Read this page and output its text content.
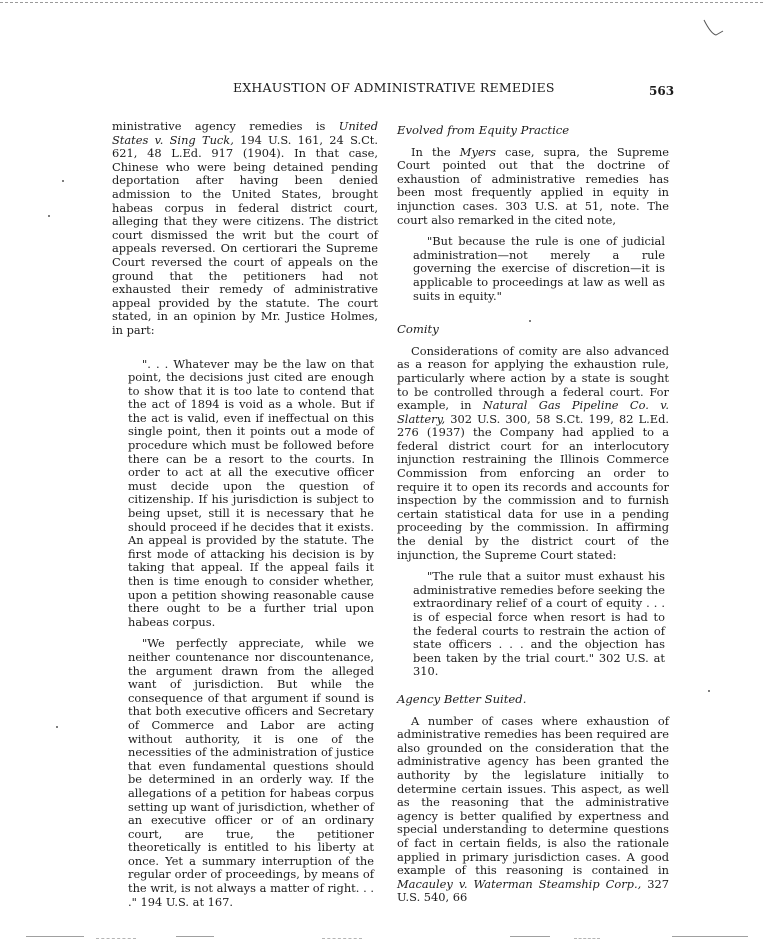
EXHAUSTION OF ADMINISTRATIVE REMEDIES	563

ministrative agency remedies is United States v. Sing Tuck, 194 U.S. 161, 24 S.Ct. 621, 48 L.Ed. 917 (1904). In that case, Chinese who were being detained pending deportation after having been denied admission to the United States, brought habeas corpus in federal district court, alleging that they were citizens. The district court dismissed the writ but the court of appeals reversed. On certiorari the Supreme Court reversed the court of appeals on the ground that the petitioners had not exhausted their remedy of administrative appeal provided by the statute. The court stated, in an opinion by Mr. Justice Holmes, in part:

". . . Whatever may be the law on that point, the decisions just cited are enough to show that it is too late to contend that the act of 1894 is void as a whole. But if the act is valid, even if ineffectual on this single point, then it points out a mode of procedure which must be followed before there can be a resort to the courts. In order to act at all the executive officer must decide upon the question of citizenship. If his jurisdiction is subject to being upset, still it is necessary that he should proceed if he decides that it exists. An appeal is provided by the statute. The first mode of attacking his decision is by taking that appeal. If the appeal fails it then is time enough to consider whether, upon a petition showing reasonable cause there ought to be a further trial upon habeas corpus.

"We perfectly appreciate, while we neither countenance nor discountenance, the argument drawn from the alleged want of jurisdiction. But while the consequence of that argument if sound is that both executive officers and Secretary of Commerce and Labor are acting without authority, it is one of the necessities of the administration of justice that even fundamental questions should be determined in an orderly way. If the allegations of a petition for habeas corpus setting up want of jurisdiction, whether of an executive officer or of an ordinary court, are true, the petitioner theoretically is entitled to his liberty at once. Yet a summary interruption of the regular order of proceedings, by means of the writ, is not always a matter of right. . . ." 194 U.S. at 167.

Evolved from Equity Practice

In the Myers case, supra, the Supreme Court pointed out that the doctrine of exhaustion of administrative remedies has been most frequently applied in equity in injunction cases. 303 U.S. at 51, note. The court also remarked in the cited note,

"But because the rule is one of judicial administration—not merely a rule governing the exercise of discretion—it is applicable to proceedings at law as well as suits in equity."

Comity

Considerations of comity are also advanced as a reason for applying the exhaustion rule, particularly where action by a state is sought to be controlled through a federal court. For example, in Natural Gas Pipeline Co. v. Slattery, 302 U.S. 300, 58 S.Ct. 199, 82 L.Ed. 276 (1937) the Company had applied to a federal district court for an interlocutory injunction restraining the Illinois Commerce Commission from enforcing an order to require it to open its records and accounts for inspection by the commission and to furnish certain statistical data for use in a pending proceeding by the commission. In affirming the denial by the district court of the injunction, the Supreme Court stated:

"The rule that a suitor must exhaust his administrative remedies before seeking the extraordinary relief of a court of equity . . . is of especial force when resort is had to the federal courts to restrain the action of state officers . . . and the objection has been taken by the trial court." 302 U.S. at 310.

Agency Better Suited.

A number of cases where exhaustion of administrative remedies has been required are also grounded on the consideration that the administrative agency has been granted the authority by the legislature initially to determine certain issues. This aspect, as well as the reasoning that the administrative agency is better qualified by expertness and special understanding to determine questions of fact in certain fields, is also the rationale applied in primary jurisdiction cases. A good example of this reasoning is contained in Macauley v. Waterman Steamship Corp., 327 U.S. 540, 66
